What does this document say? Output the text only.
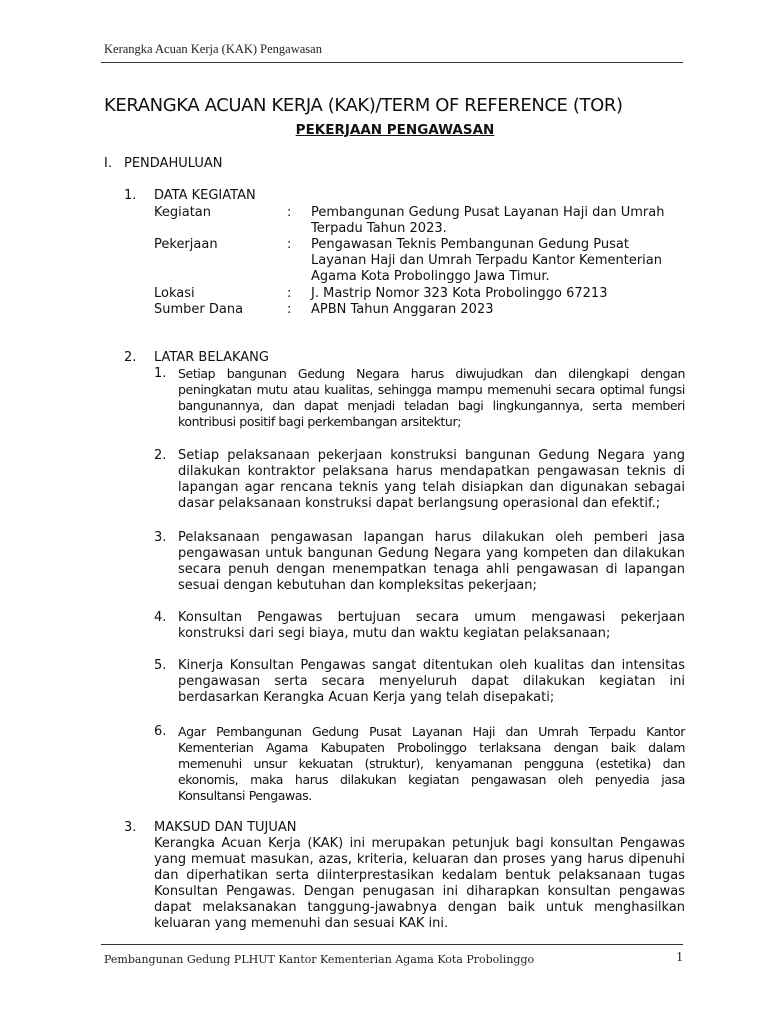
Kerangka Acuan Kerja (KAK) Pengawasan
KERANGKA ACUAN KERJA (KAK)/TERM OF REFERENCE (TOR)
PEKERJAAN PENGAWASAN
I. PENDAHULUAN
1. DATA KEGIATAN
Kegiatan	: Pembangunan Gedung Pusat Layanan Haji dan Umrah Terpadu Tahun 2023.
Pekerjaan	: Pengawasan Teknis Pembangunan Gedung Pusat Layanan Haji dan Umrah Terpadu Kantor Kementerian Agama Kota Probolinggo Jawa Timur.
Lokasi	: J. Mastrip Nomor 323 Kota Probolinggo 67213
Sumber Dana	: APBN Tahun Anggaran 2023
2. LATAR BELAKANG
1. Setiap bangunan Gedung Negara harus diwujudkan dan dilengkapi dengan peningkatan mutu atau kualitas, sehingga mampu memenuhi secara optimal fungsi bangunannya, dan dapat menjadi teladan bagi lingkungannya, serta memberi kontribusi positif bagi perkembangan arsitektur;
2. Setiap pelaksanaan pekerjaan konstruksi bangunan Gedung Negara yang dilakukan kontraktor pelaksana harus mendapatkan pengawasan teknis di lapangan agar rencana teknis yang telah disiapkan dan digunakan sebagai dasar pelaksanaan konstruksi dapat berlangsung operasional dan efektif.;
3. Pelaksanaan pengawasan lapangan harus dilakukan oleh pemberi jasa pengawasan untuk bangunan Gedung Negara yang kompeten dan dilakukan secara penuh dengan menempatkan tenaga ahli pengawasan di lapangan sesuai dengan kebutuhan dan kompleksitas pekerjaan;
4. Konsultan Pengawas bertujuan secara umum mengawasi pekerjaan konstruksi dari segi biaya, mutu dan waktu kegiatan pelaksanaan;
5. Kinerja Konsultan Pengawas sangat ditentukan oleh kualitas dan intensitas pengawasan serta secara menyeluruh dapat dilakukan kegiatan ini berdasarkan Kerangka Acuan Kerja yang telah disepakati;
6. Agar Pembangunan Gedung Pusat Layanan Haji dan Umrah Terpadu Kantor Kementerian Agama Kabupaten Probolinggo terlaksana dengan baik dalam memenuhi unsur kekuatan (struktur), kenyamanan pengguna (estetika) dan ekonomis, maka harus dilakukan kegiatan pengawasan oleh penyedia jasa Konsultansi Pengawas.
3. MAKSUD DAN TUJUAN
Kerangka Acuan Kerja (KAK) ini merupakan petunjuk bagi konsultan Pengawas yang memuat masukan, azas, kriteria, keluaran dan proses yang harus dipenuhi dan diperhatikan serta diinterprestasikan kedalam bentuk pelaksanaan tugas Konsultan Pengawas. Dengan penugasan ini diharapkan konsultan pengawas dapat melaksanakan tanggung-jawabnya dengan baik untuk menghasilkan keluaran yang memenuhi dan sesuai KAK ini.
Pembangunan Gedung PLHUT Kantor Kementerian Agama Kota Probolinggo	1
